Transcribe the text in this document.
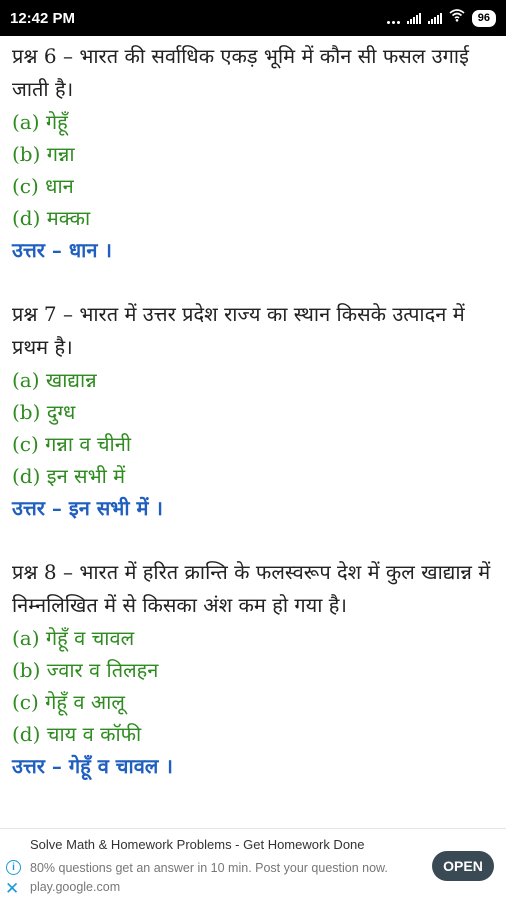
12:42 PM	96

प्रश्न 6 – भारत की सर्वाधिक एकड़ भूमि में कौन सी फसल उगाई जाती है।

(a) गेहूँ

(b) गन्ना

(c) धान

(d) मक्का

उत्तर – धान ।

प्रश्न 7 – भारत में उत्तर प्रदेश राज्य का स्थान किसके उत्पादन में प्रथम है।

(a) खाद्यान्न

(b) दुग्ध

(c) गन्ना व चीनी

(d) इन सभी में

उत्तर – इन सभी में ।

प्रश्न 8 – भारत में हरित क्रान्ति के फलस्वरूप देश में कुल खाद्यान्न में निम्नलिखित में से किसका अंश कम हो गया है।

(a) गेहूँ व चावल

(b) ज्वार व तिलहन

(c) गेहूँ व आलू

(d) चाय व कॉफी

उत्तर – गेहूँ व चावल ।

i
✕
Solve Math & Homework Problems - Get Homework Done
80% questions get an answer in 10 min. Post your question now. play.google.com
OPEN
